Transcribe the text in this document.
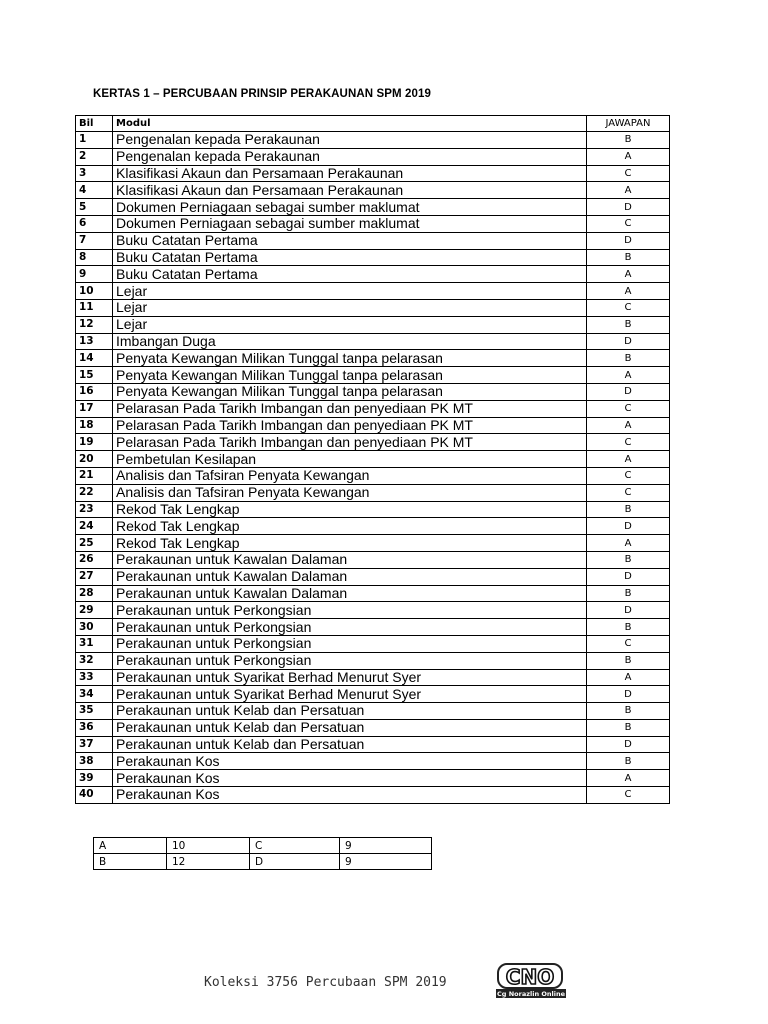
KERTAS 1 – PERCUBAAN PRINSIP PERAKAUNAN SPM 2019
Bil	Modul	JAWAPAN
1	Pengenalan kepada Perakaunan	B
2	Pengenalan kepada Perakaunan	A
3	Klasifikasi Akaun dan Persamaan Perakaunan	C
4	Klasifikasi Akaun dan Persamaan Perakaunan	A
5	Dokumen Perniagaan sebagai sumber maklumat	D
6	Dokumen Perniagaan sebagai sumber maklumat	C
7	Buku Catatan Pertama	D
8	Buku Catatan Pertama	B
9	Buku Catatan Pertama	A
10	Lejar	A
11	Lejar	C
12	Lejar	B
13	Imbangan Duga	D
14	Penyata Kewangan Milikan Tunggal tanpa pelarasan	B
15	Penyata Kewangan Milikan Tunggal tanpa pelarasan	A
16	Penyata Kewangan Milikan Tunggal tanpa pelarasan	D
17	Pelarasan Pada Tarikh Imbangan dan penyediaan PK MT	C
18	Pelarasan Pada Tarikh Imbangan dan penyediaan PK MT	A
19	Pelarasan Pada Tarikh Imbangan dan penyediaan PK MT	C
20	Pembetulan Kesilapan	A
21	Analisis dan Tafsiran Penyata Kewangan	C
22	Analisis dan Tafsiran Penyata Kewangan	C
23	Rekod Tak Lengkap	B
24	Rekod Tak Lengkap	D
25	Rekod Tak Lengkap	A
26	Perakaunan untuk Kawalan Dalaman	B
27	Perakaunan untuk Kawalan Dalaman	D
28	Perakaunan untuk Kawalan Dalaman	B
29	Perakaunan untuk Perkongsian	D
30	Perakaunan untuk Perkongsian	B
31	Perakaunan untuk Perkongsian	C
32	Perakaunan untuk Perkongsian	B
33	Perakaunan untuk Syarikat Berhad Menurut Syer	A
34	Perakaunan untuk Syarikat Berhad Menurut Syer	D
35	Perakaunan untuk Kelab dan Persatuan	B
36	Perakaunan untuk Kelab dan Persatuan	B
37	Perakaunan untuk Kelab dan Persatuan	D
38	Perakaunan Kos	B
39	Perakaunan Kos	A
40	Perakaunan Kos	C
A	10	C	9
B	12	D	9
Koleksi 3756 Percubaan SPM 2019	CNO
Cg Norazlin Online
